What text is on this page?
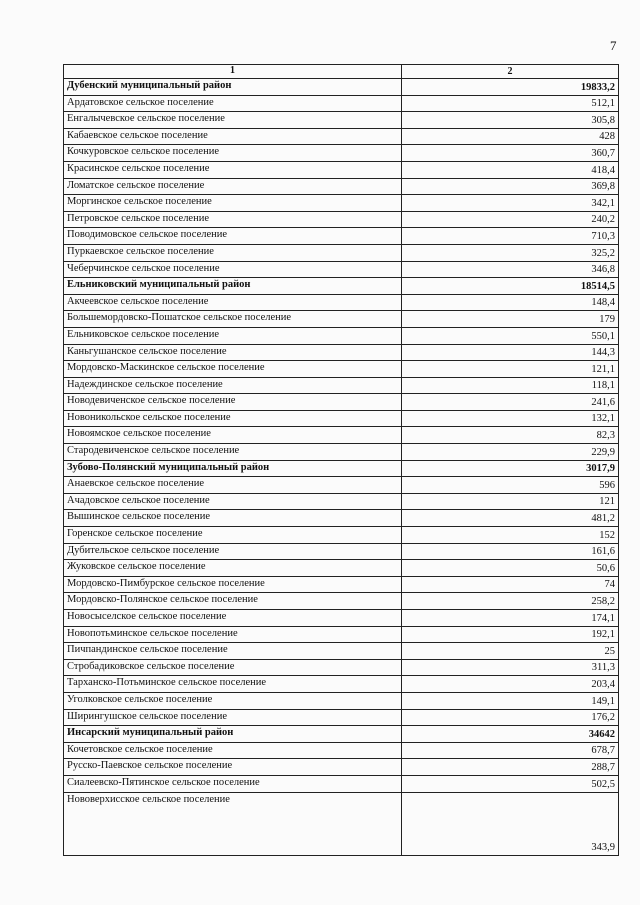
7
1	2
Дубенский муниципальный район	19833,2
Ардатовское сельское поселение	512,1
Енгалычевское сельское поселение	305,8
Кабаевское сельское поселение	428
Кочкуровское сельское поселение	360,7
Красинское сельское поселение	418,4
Ломатское сельское поселение	369,8
Моргинское сельское поселение	342,1
Петровское сельское поселение	240,2
Поводимовское сельское поселение	710,3
Пуркаевское сельское поселение	325,2
Чеберчинское сельское поселение	346,8
Ельниковский муниципальный район	18514,5
Акчеевское сельское поселение	148,4
Большемордовско-Пошатское сельское поселение	179
Ельниковское сельское поселение	550,1
Каньгушанское сельское поселение	144,3
Мордовско-Маскинское сельское поселение	121,1
Надеждинское сельское поселение	118,1
Новодевиченское сельское поселение	241,6
Новоникольское сельское поселение	132,1
Новоямское сельское поселение	82,3
Стародевиченское сельское поселение	229,9
Зубово-Полянский муниципальный район	3017,9
Анаевское сельское поселение	596
Ачадовское сельское поселение	121
Вышинское сельское поселение	481,2
Горенское сельское поселение	152
Дубительское сельское поселение	161,6
Жуковское сельское поселение	50,6
Мордовско-Пимбурское сельское поселение	74
Мордовско-Полянское сельское поселение	258,2
Новосыселское сельское поселение	174,1
Новопотьминское сельское поселение	192,1
Пичпандинское сельское поселение	25
Стробадиковское сельское поселение	311,3
Тарханско-Потьминское сельское поселение	203,4
Уголковское сельское поселение	149,1
Ширингушское сельское поселение	176,2
Инсарский муниципальный район	34642
Кочетовское сельское поселение	678,7
Русско-Паевское сельское поселение	288,7
Сиалеевско-Пятинское сельское поселение	502,5
Нововерхисское сельское поселение	343,9
